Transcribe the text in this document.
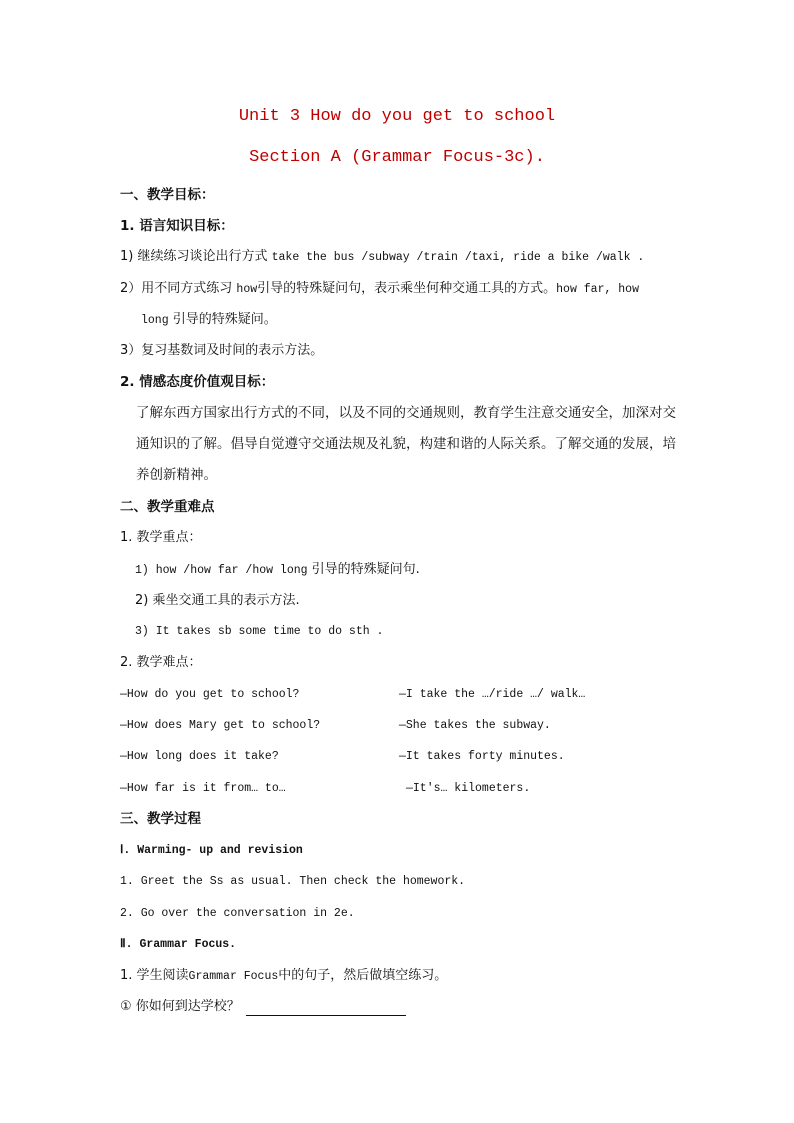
Unit 3 How do you get to school
Section A (Grammar Focus-3c).
一、教学目标：
1. 语言知识目标：
1) 继续练习谈论出行方式 take the bus /subway /train /taxi, ride a bike /walk .
2）用不同方式练习 how引导的特殊疑问句，表示乘坐何种交通工具的方式。how far, how
long 引导的特殊疑问。
3）复习基数词及时间的表示方法。
2. 情感态度价值观目标：
了解东西方国家出行方式的不同，以及不同的交通规则，教育学生注意交通安全，加深对交通知识的了解。倡导自觉遵守交通法规及礼貌，构建和谐的人际关系。了解交通的发展，培养创新精神。
二、教学重难点
1. 教学重点：
1) how /how far /how long 引导的特殊疑问句.
2) 乘坐交通工具的表示方法.
3) It takes sb some time to do sth .
2. 教学难点：
—How do you get to school?	—I take the …/ride …/ walk…
—How does Mary get to school?	—She takes the subway.
—How long does it take?	—It takes forty minutes.
—How far is it from… to…	—It's… kilometers.
三、教学过程
Ⅰ. Warming- up and revision
1. Greet the Ss as usual. Then check the homework.
2. Go over the conversation in 2e.
Ⅱ. Grammar Focus.
1. 学生阅读Grammar Focus中的句子，然后做填空练习。
① 你如何到达学校？
